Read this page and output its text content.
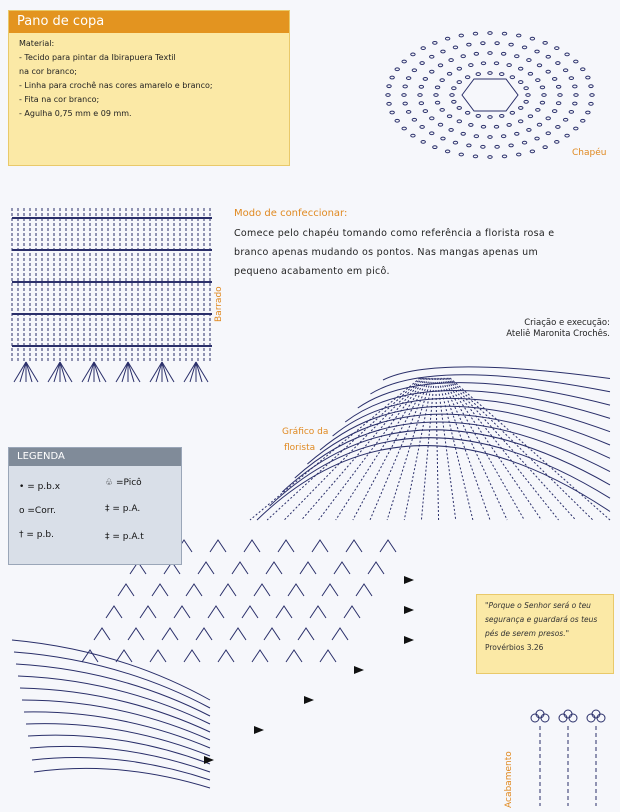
Pano de copa
Material:
- Tecido para pintar da Ibirapuera Textil
na cor branco;
- Linha para crochê nas cores amarelo e branco;
- Fita na cor branco;
- Agulha 0,75 mm e 09 mm.
Chapéu
Barrado
Modo de confeccionar:
Comece pelo chapéu tomando como referência a florista rosa e
branco apenas mudando os pontos. Nas mangas apenas um
pequeno acabamento em picô.
Criação e execução:
Ateliê Maronita Crochês.
Gráfico da
florista
LEGENDA
• = p.b.x
o =Corr.
† = p.b.
♧ =Picô
‡ = p.A.
‡ = p.A.t
"Porque o Senhor será o teu segurança e guardará os teus pés de serem presos." Provérbios 3.26
Acabamento
